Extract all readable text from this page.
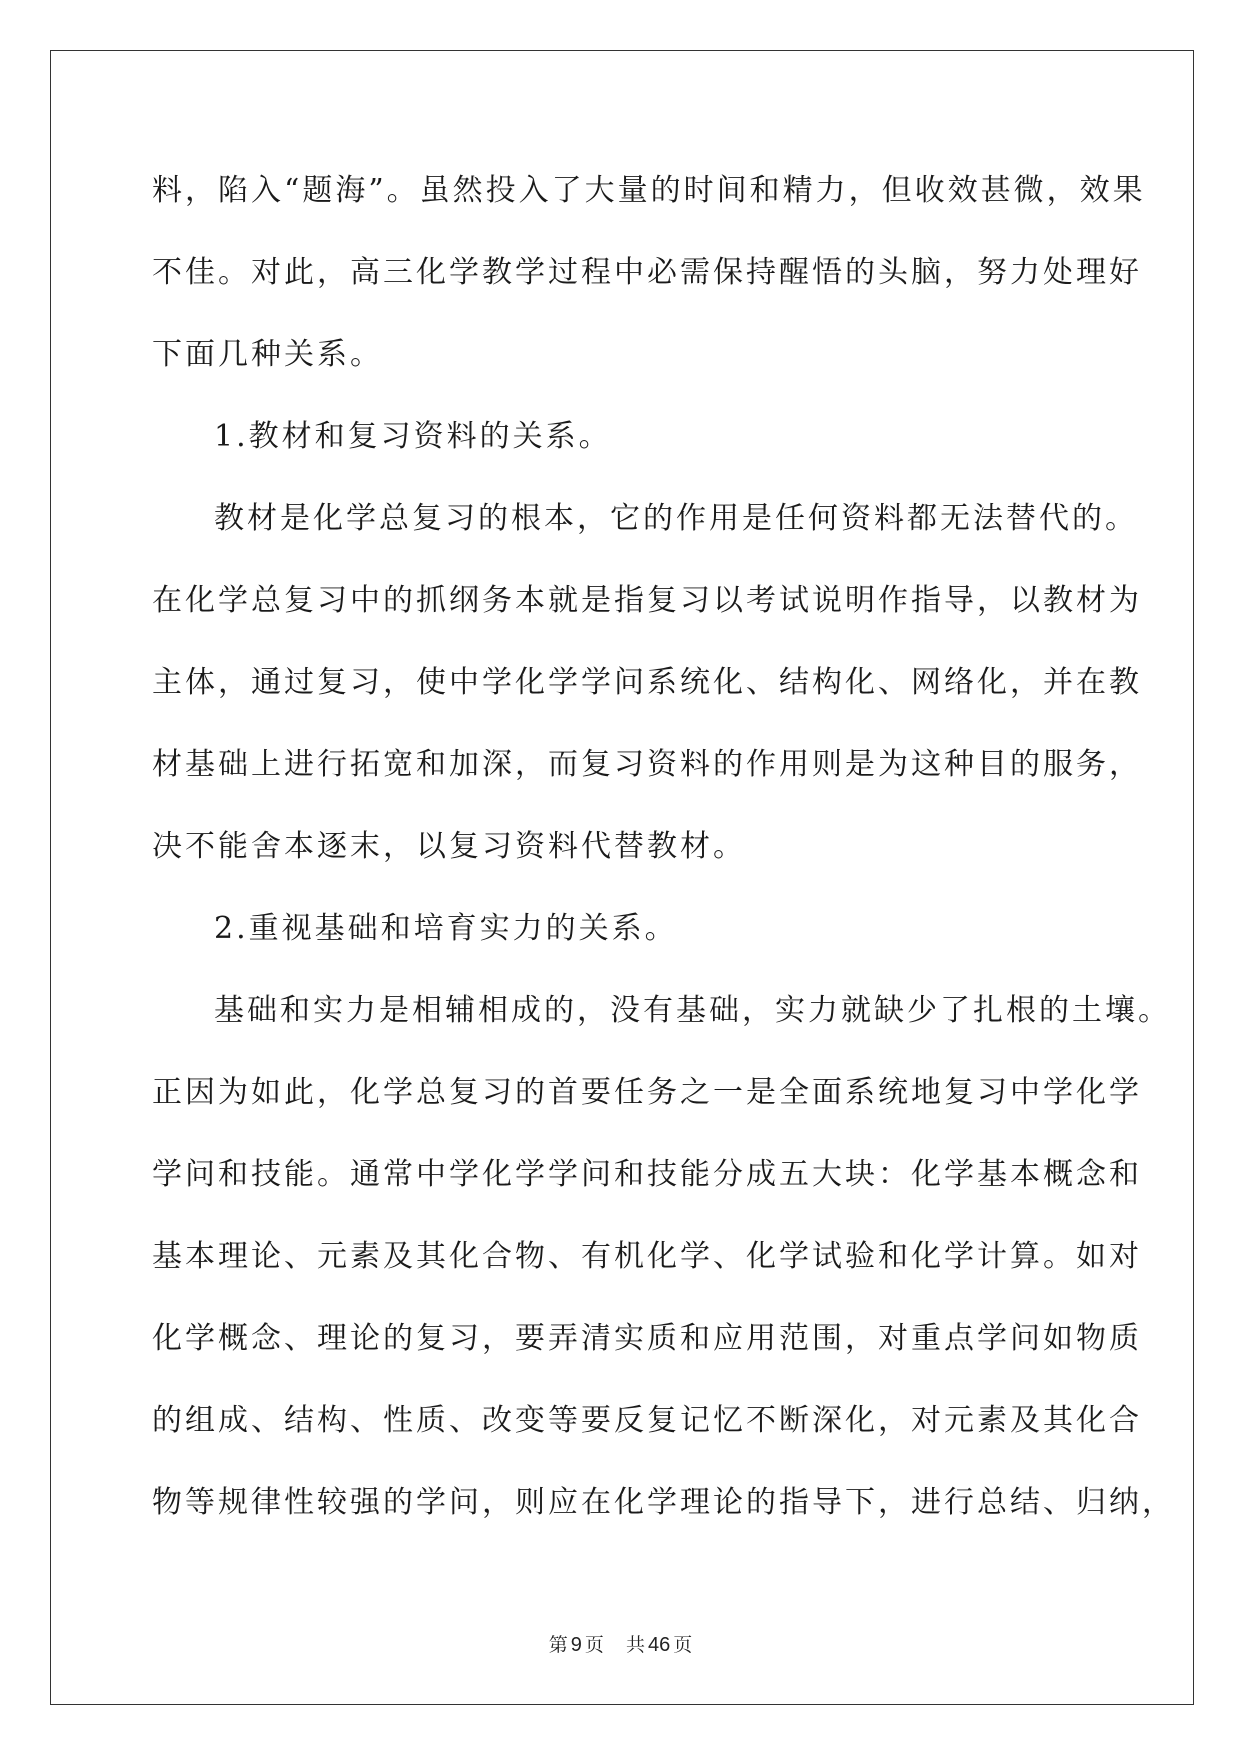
料，陷入“题海”。虽然投入了大量的时间和精力，但收效甚微，效果
不佳。对此，高三化学教学过程中必需保持醒悟的头脑，努力处理好
下面几种关系。
1.教材和复习资料的关系。
教材是化学总复习的根本，它的作用是任何资料都无法替代的。
在化学总复习中的抓纲务本就是指复习以考试说明作指导，以教材为
主体，通过复习，使中学化学学问系统化、结构化、网络化，并在教
材基础上进行拓宽和加深，而复习资料的作用则是为这种目的服务，
决不能舍本逐末，以复习资料代替教材。
2.重视基础和培育实力的关系。
基础和实力是相辅相成的，没有基础，实力就缺少了扎根的土壤。
正因为如此，化学总复习的首要任务之一是全面系统地复习中学化学
学问和技能。通常中学化学学问和技能分成五大块：化学基本概念和
基本理论、元素及其化合物、有机化学、化学试验和化学计算。如对
化学概念、理论的复习，要弄清实质和应用范围，对重点学问如物质
的组成、结构、性质、改变等要反复记忆不断深化，对元素及其化合
物等规律性较强的学问，则应在化学理论的指导下，进行总结、归纳，
第 9 页 共 46 页
